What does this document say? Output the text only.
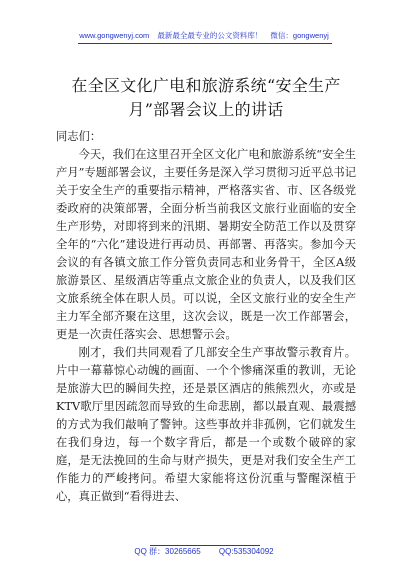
www.gongwenyj.com 最新最全最专业的公文资料库！ 微信：gongwenyj
在全区文化广电和旅游系统“安全生产月”部署会议上的讲话

同志们：

今天，我们在这里召开全区文化广电和旅游系统“安全生产月”专题部署会议，主要任务是深入学习贯彻习近平总书记关于安全生产的重要指示精神，严格落实省、市、区各级党委政府的决策部署，全面分析当前我区文旅行业面临的安全生产形势，对即将到来的汛期、暑期安全防范工作以及贯穿全年的“六化”建设进行再动员、再部署、再落实。参加今天会议的有各镇文旅工作分管负责同志和业务骨干，全区A级旅游景区、星级酒店等重点文旅企业的负责人，以及我们区文旅系统全体在职人员。可以说，全区文旅行业的安全生产主力军全部齐聚在这里，这次会议，既是一次工作部署会，更是一次责任落实会、思想警示会。

刚才，我们共同观看了几部安全生产事故警示教育片。片中一幕幕惊心动魄的画面、一个个惨痛深重的教训，无论是旅游大巴的瞬间失控，还是景区酒店的熊熊烈火，亦或是KTV歌厅里因疏忽而导致的生命悲剧，都以最直观、最震撼的方式为我们敲响了警钟。这些事故并非孤例，它们就发生在我们身边，每一个数字背后，都是一个或数个破碎的家庭，是无法挽回的生命与财产损失，更是对我们安全生产工作能力的严峻拷问。希望大家能将这份沉重与警醒深植于心，真正做到“看得进去、

QQ 群：30265665 QQ:535304092
